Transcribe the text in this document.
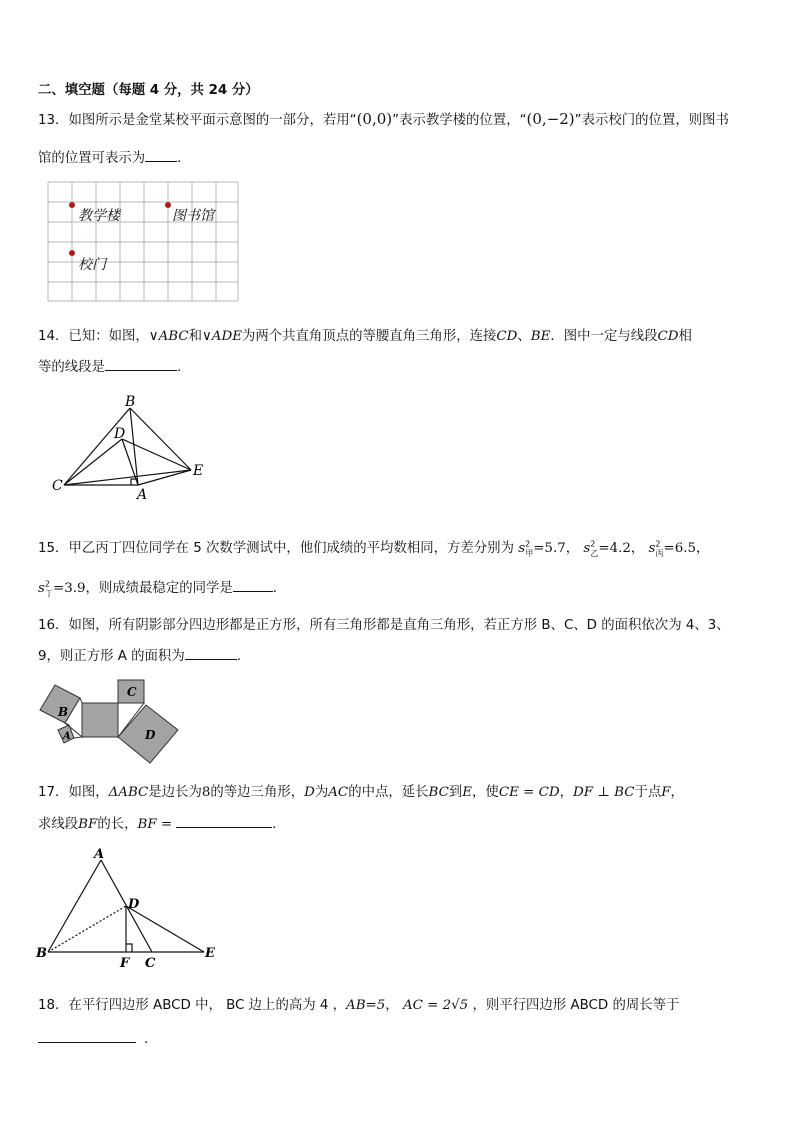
二、填空题（每题 4 分，共 24 分）
13．如图所示是金堂某校平面示意图的一部分，若用“(0,0)”表示教学楼的位置，“(0,−2)”表示校门的位置，则图书
馆的位置可表示为 ．
教学楼	图书馆
校门
14．已知：如图，∨ABC和∨ADE为两个共直角顶点的等腰直角三角形，连接CD、BE．图中一定与线段CD相
等的线段是	.
B
D
C
E
A
15．甲乙丙丁四位同学在 5 次数学测试中，他们成绩的平均数相同，方差分别为 $s^2_甲=5.7$， $s^2_乙=4.2$， $s^2_丙=6.5$，
$s^2_丁=3.9$，则成绩最稳定的同学是	.
16．如图，所有阴影部分四边形都是正方形，所有三角形都是直角三角形，若正方形 B、C、D 的面积依次为 4、3、
9，则正方形 A 的面积为	.
B
C
D
A
17．如图，ΔABC是边长为8的等边三角形，D为AC的中点，延长BC到E，使CE = CD，DF ⊥ BC于点F，
求线段BF的长，BF =	.
A
D
B
F C
E
18．在平行四边形 ABCD 中， BC 边上的高为 4 ，AB=5， AC = 2√5 ，则平行四边形 ABCD 的周长等于
.
